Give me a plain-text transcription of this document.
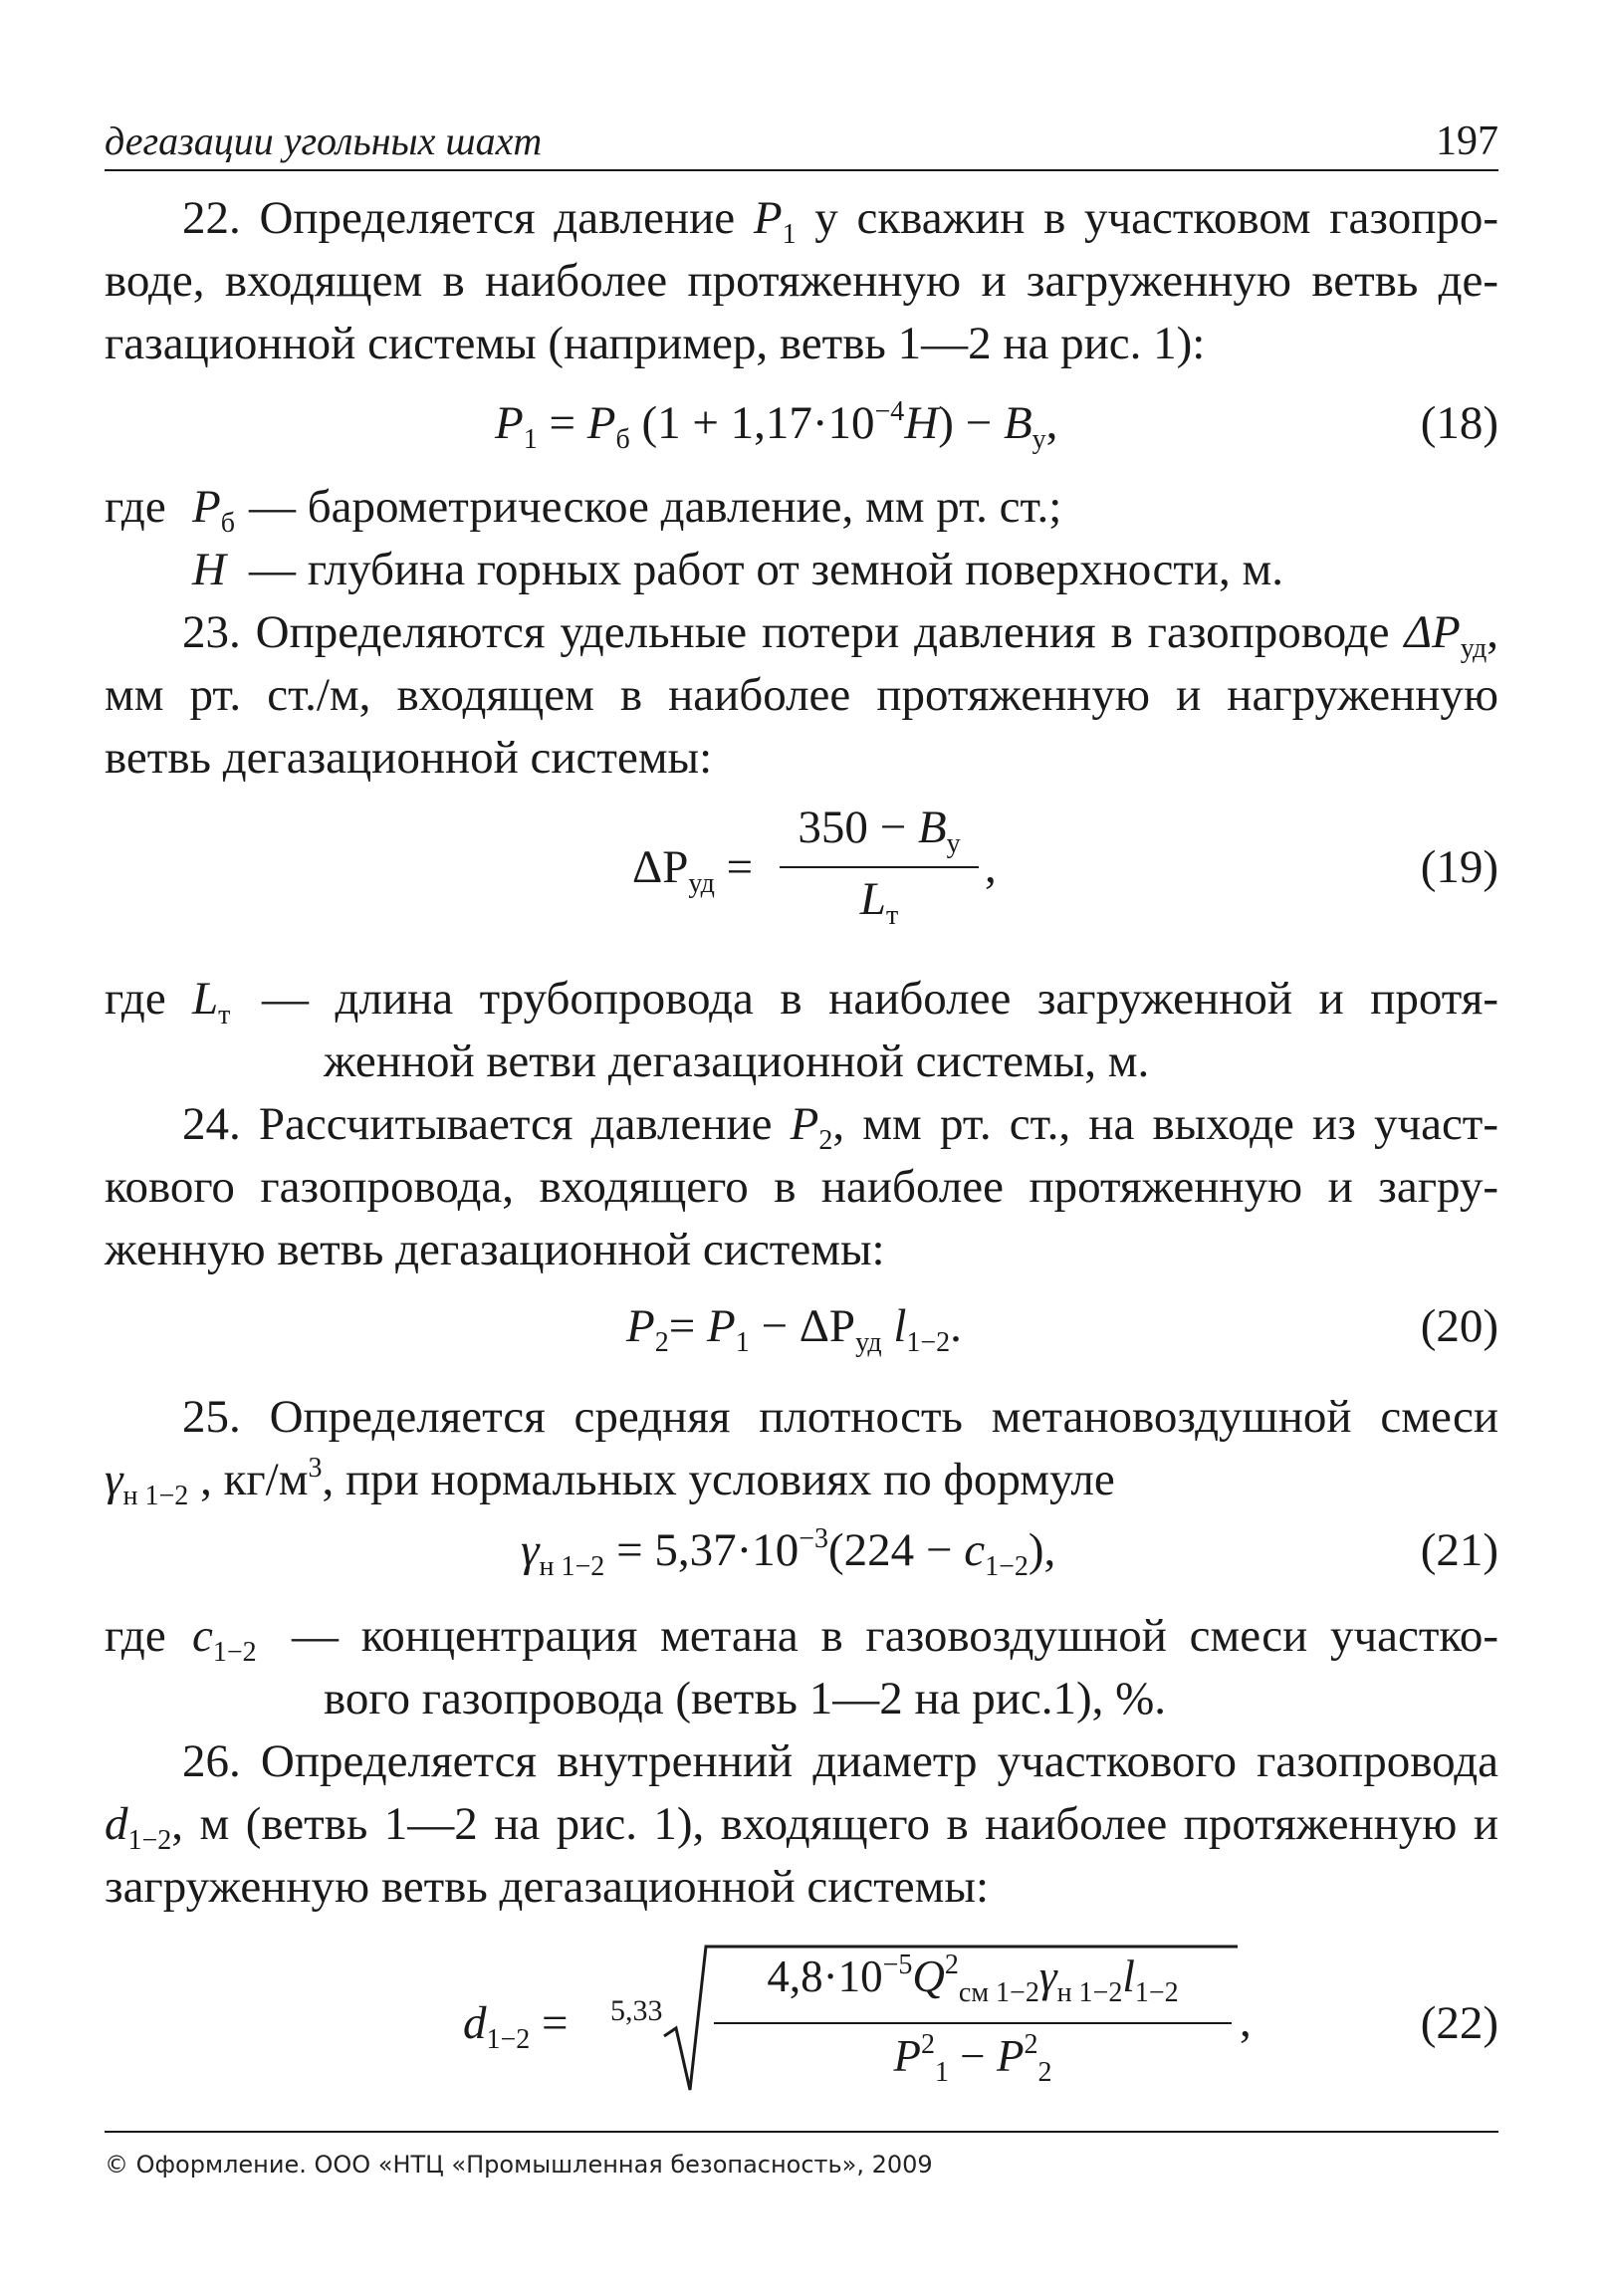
дегазации угольных шахт	197
22. Определяется давление $P_1$ у скважин в участковом газопро-
воде, входящем в наиболее протяженную и загруженную ветвь де-
газационной системы (например, ветвь 1—2 на рис. 1):
$P_1 = P_б$ $(1 + 1,17\cdot 10^{-4}H) - B_у$,	(18)
где $P_б$ — барометрическое давление, мм рт. ст.;
H — глубина горных работ от земной поверхности, м.
23. Определяются удельные потери давления в газопроводе $\Delta P_{уд}$,
мм рт. ст./м, входящем в наиболее протяженную и нагруженную
ветвь дегазационной системы:
$\Delta P_{уд}$ =
$350 - B_у$
$L_т$
,	(19)
где $L_т$ — длина трубопровода в наиболее загруженной и протя-
женной ветви дегазационной системы, м.
24. Рассчитывается давление $P_2$, мм рт. ст., на выходе из участ-
кового газопровода, входящего в наиболее протяженную и загру-
женную ветвь дегазационной системы:
$P_2= P_1 - \Delta P_{уд}$ $l_{1-2}$.	(20)
25. Определяется средняя плотность метановоздушной смеси
$\gamma_{н 1-2}$ , $кг/м^3$, при нормальных условиях по формуле
$\gamma_{н 1-2} = 5,37\cdot 10^{-3}(224 - c_{1-2})$,	(21)
где $c_{1-2}$ — концентрация метана в газовоздушной смеси участко-
вого газопровода (ветвь 1—2 на рис.1), %.
26. Определяется внутренний диаметр участкового газопровода
$d_{1-2}$, м (ветвь 1—2 на рис. 1), входящего в наиболее протяженную и
загруженную ветвь дегазационной системы:
$d_{1-2} = 5,33$
$4,8\cdot 10^{-5}Q^2_{см 1-2}\gamma_{н 1-2}l_{1-2}$
$P^2_1 - P^2_2$
,	(22)
© Оформление. ООО «НТЦ «Промышленная безопасность», 2009
